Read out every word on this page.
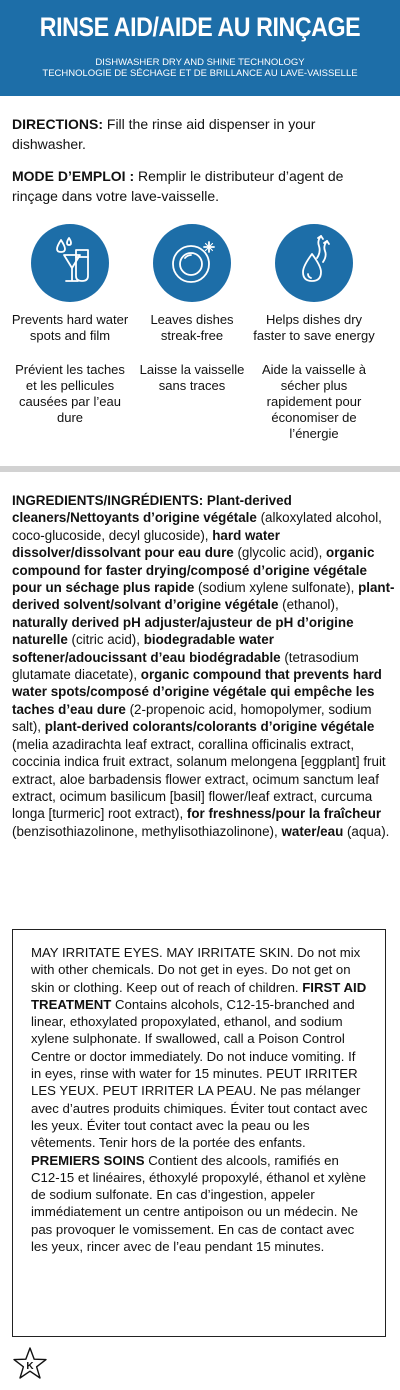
RINSE AID/AIDE AU RINÇAGE
DISHWASHER DRY AND SHINE TECHNOLOGY
TECHNOLOGIE DE SÉCHAGE ET DE BRILLANCE AU LAVE-VAISSELLE

DIRECTIONS: Fill the rinse aid dispenser in your dishwasher.

MODE D’EMPLOI : Remplir le distributeur d’agent de rinçage dans votre lave-vaisselle.

Prevents hard water spots and film
Prévient les taches et les pellicules causées par l’eau dure
Leaves dishes streak-free
Laisse la vaisselle sans traces
Helps dishes dry faster to save energy
Aide la vaisselle à sécher plus rapidement pour économiser de l’énergie
INGREDIENTS/INGRÉDIENTS: Plant-derived cleaners/Nettoyants d’origine végétale (alkoxylated alcohol, coco-glucoside, decyl glucoside), hard water dissolver/dissolvant pour eau dure (glycolic acid), organic compound for faster drying/composé d’origine végétale pour un séchage plus rapide (sodium xylene sulfonate), plant-derived solvent/solvant d’origine végétale (ethanol), naturally derived pH adjuster/ajusteur de pH d’origine naturelle (citric acid), biodegradable water softener/adoucissant d’eau biodégradable (tetrasodium glutamate diacetate), organic compound that prevents hard water spots/composé d’origine végétale qui empêche les taches d’eau dure (2-propenoic acid, homopolymer, sodium salt), plant-derived colorants/colorants d’origine végétale (melia azadirachta leaf extract, corallina officinalis extract, coccinia indica fruit extract, solanum melongena [eggplant] fruit extract, aloe barbadensis flower extract, ocimum sanctum leaf extract, ocimum basilicum [basil] flower/leaf extract, curcuma longa [turmeric] root extract), for freshness/pour la fraîcheur (benzisothiazolinone, methylisothiazolinone), water/eau (aqua).
MAY IRRITATE EYES. MAY IRRITATE SKIN. Do not mix with other chemicals. Do not get in eyes. Do not get on skin or clothing. Keep out of reach of children. FIRST AID TREATMENT Contains alcohols, C12-15-branched and linear, ethoxylated propoxylated, ethanol, and sodium xylene sulphonate. If swallowed, call a Poison Control Centre or doctor immediately. Do not induce vomiting. If in eyes, rinse with water for 15 minutes. PEUT IRRITER LES YEUX. PEUT IRRITER LA PEAU. Ne pas mélanger avec d’autres produits chimiques. Éviter tout contact avec les yeux. Éviter tout contact avec la peau ou les vêtements. Tenir hors de la portée des enfants. PREMIERS SOINS Contient des alcools, ramifiés en C12-15 et linéaires, éthoxylé propoxylé, éthanol et xylène de sodium sulfonate. En cas d’ingestion, appeler immédiatement un centre antipoison ou un médecin. Ne pas provoquer le vomissement. En cas de contact avec les yeux, rincer avec de l’eau pendant 15 minutes.
K
